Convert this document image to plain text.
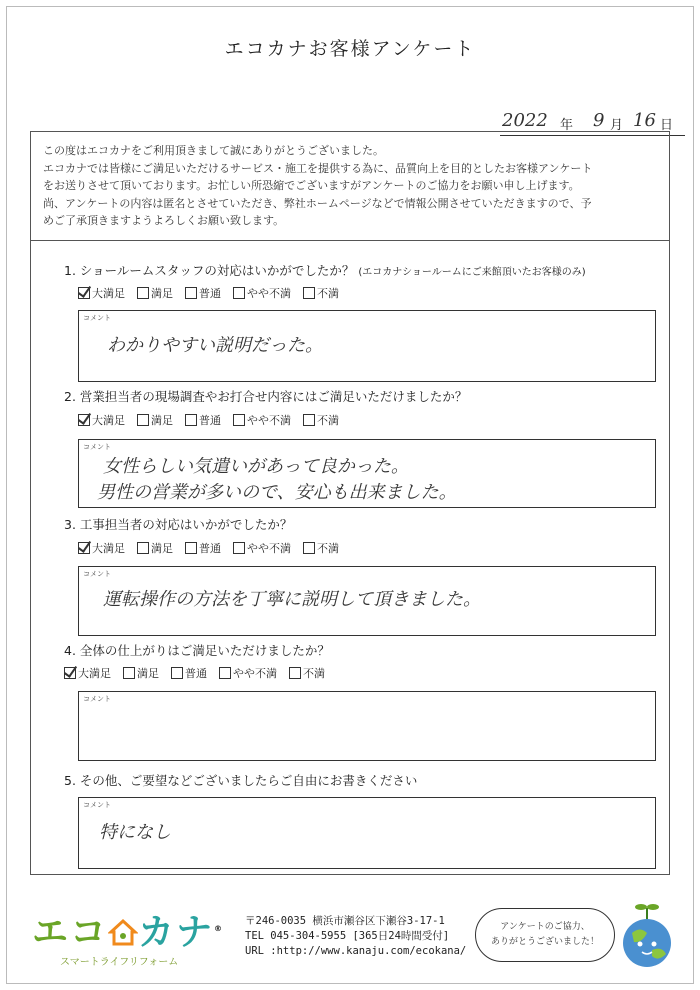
エコカナお客様アンケート
2022 年 9 月 16 日
この度はエコカナをご利用頂きまして誠にありがとうございました。
エコカナでは皆様にご満足いただけるサービス・施工を提供する為に、品質向上を目的としたお客様アンケート
をお送りさせて頂いております。お忙しい所恐縮でございますがアンケートのご協力をお願い申し上げます。
尚、アンケートの内容は匿名とさせていただき、弊社ホームページなどで情報公開させていただきますので、予
めご了承頂きますようよろしくお願い致します。
1. ショールームスタッフの対応はいかがでしたか？ (エコカナショールームにご来館頂いたお客様のみ)
大満足 満足 普通 やや不満 不満
コメント
わかりやすい説明だった。
2. 営業担当者の現場調査やお打合せ内容にはご満足いただけましたか？
大満足 満足 普通 やや不満 不満
コメント
女性らしい気遣いがあって良かった。
男性の営業が多いので、安心も出来ました。
3. 工事担当者の対応はいかがでしたか？
大満足 満足 普通 やや不満 不満
コメント
運転操作の方法を丁寧に説明して頂きました。
4. 全体の仕上がりはご満足いただけましたか？
大満足 満足 普通 やや不満 不満
コメント
5. その他、ご要望などございましたらご自由にお書きください
コメント
特になし
エコ カナ®
スマートライフリフォーム
〒246-0035 横浜市瀬谷区下瀬谷3-17-1
TEL 045-304-5955 [365日24時間受付]
URL :http://www.kanaju.com/ecokana/
アンケートのご協力、
ありがとうございました！
